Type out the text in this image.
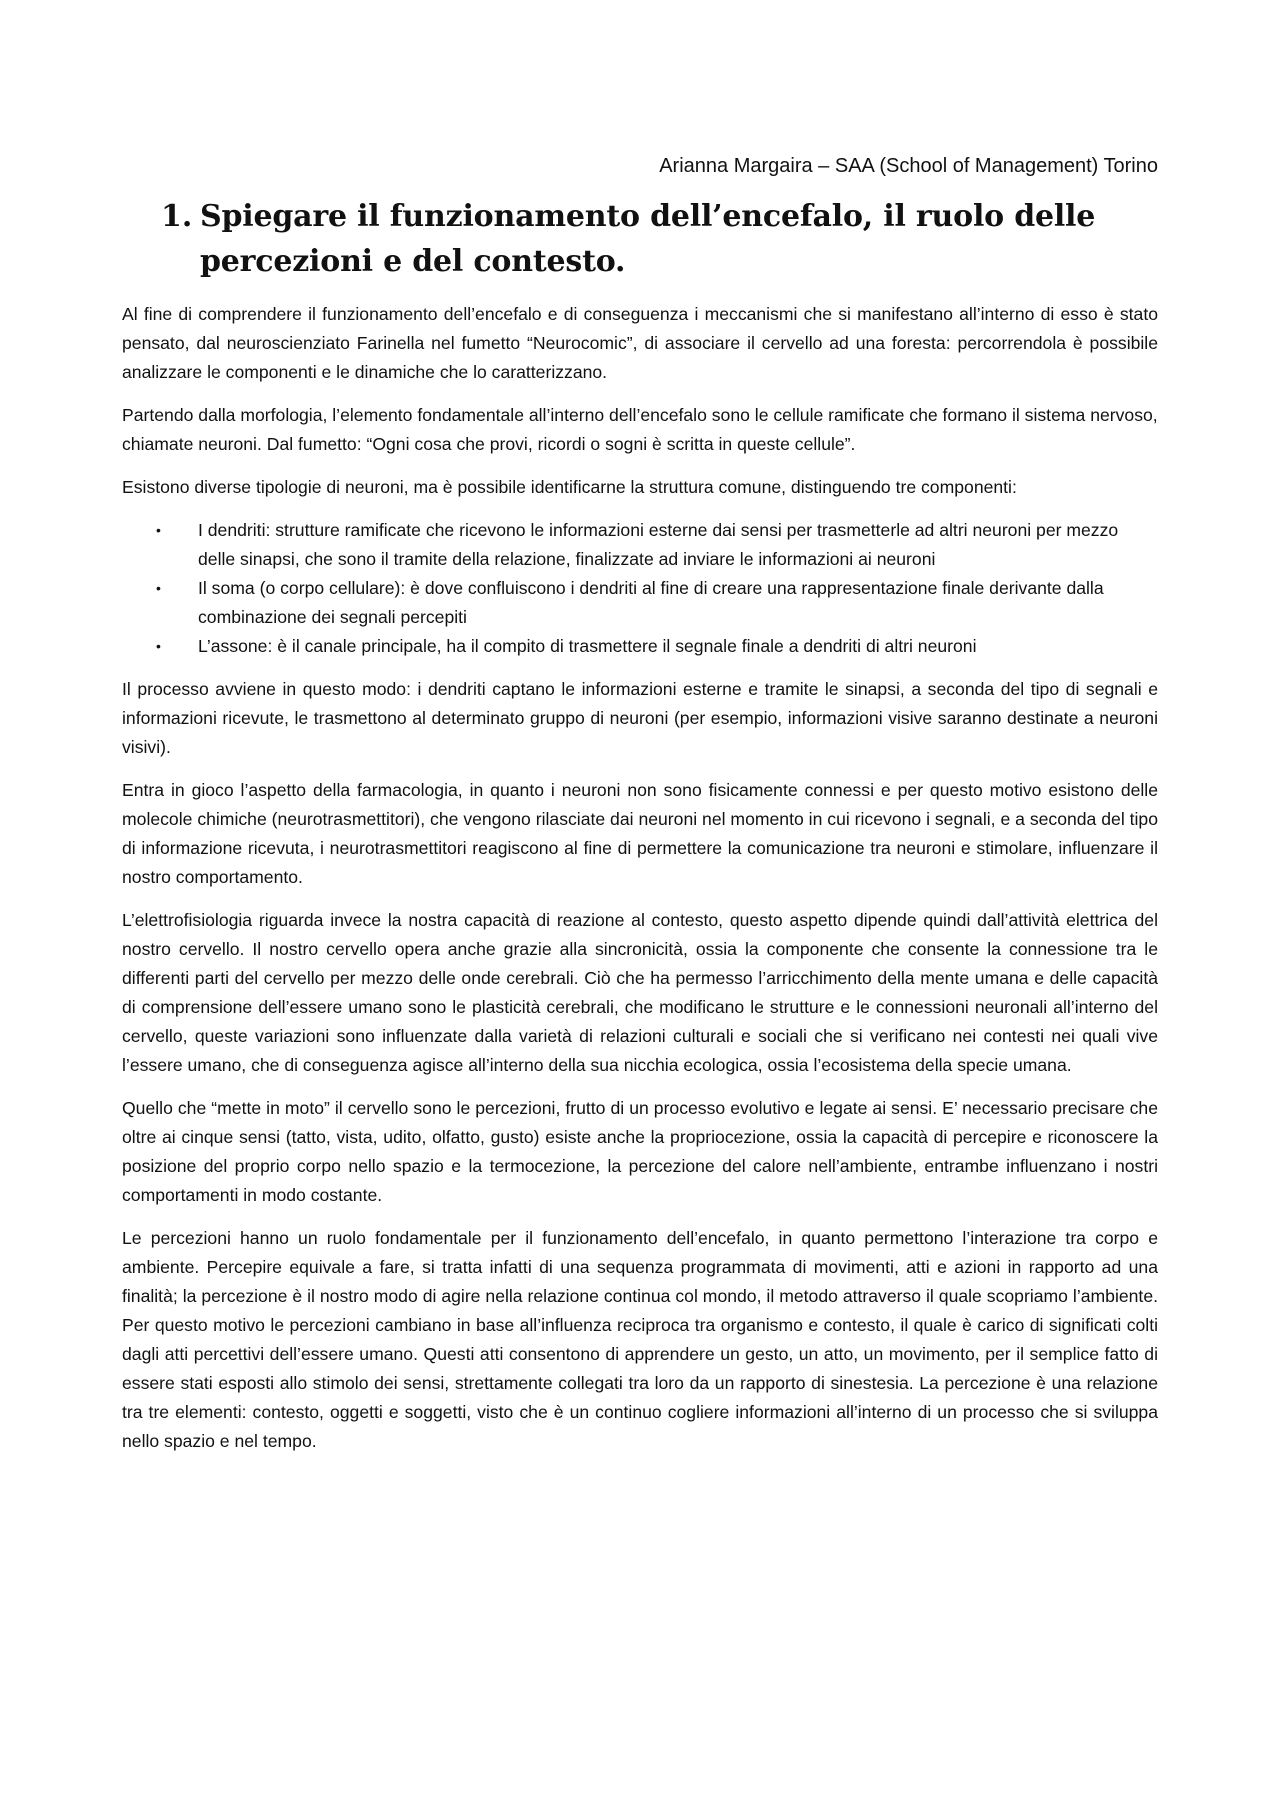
Arianna Margaira – SAA (School of Management) Torino
1. Spiegare il funzionamento dell’encefalo, il ruolo delle percezioni e del contesto.

Al fine di comprendere il funzionamento dell’encefalo e di conseguenza i meccanismi che si manifestano all’interno di esso è stato pensato, dal neuroscienziato Farinella nel fumetto “Neurocomic”, di associare il cervello ad una foresta: percorrendola è possibile analizzare le componenti e le dinamiche che lo caratterizzano.

Partendo dalla morfologia, l’elemento fondamentale all’interno dell’encefalo sono le cellule ramificate che formano il sistema nervoso, chiamate neuroni. Dal fumetto: “Ogni cosa che provi, ricordi o sogni è scritta in queste cellule”.

Esistono diverse tipologie di neuroni, ma è possibile identificarne la struttura comune, distinguendo tre componenti:

• I dendriti: strutture ramificate che ricevono le informazioni esterne dai sensi per trasmetterle ad altri neuroni per mezzo delle sinapsi, che sono il tramite della relazione, finalizzate ad inviare le informazioni ai neuroni
• Il soma (o corpo cellulare): è dove confluiscono i dendriti al fine di creare una rappresentazione finale derivante dalla combinazione dei segnali percepiti
• L’assone: è il canale principale, ha il compito di trasmettere il segnale finale a dendriti di altri neuroni

Il processo avviene in questo modo: i dendriti captano le informazioni esterne e tramite le sinapsi, a seconda del tipo di segnali e informazioni ricevute, le trasmettono al determinato gruppo di neuroni (per esempio, informazioni visive saranno destinate a neuroni visivi).

Entra in gioco l’aspetto della farmacologia, in quanto i neuroni non sono fisicamente connessi e per questo motivo esistono delle molecole chimiche (neurotrasmettitori), che vengono rilasciate dai neuroni nel momento in cui ricevono i segnali, e a seconda del tipo di informazione ricevuta, i neurotrasmettitori reagiscono al fine di permettere la comunicazione tra neuroni e stimolare, influenzare il nostro comportamento.

L’elettrofisiologia riguarda invece la nostra capacità di reazione al contesto, questo aspetto dipende quindi dall’attività elettrica del nostro cervello. Il nostro cervello opera anche grazie alla sincronicità, ossia la componente che consente la connessione tra le differenti parti del cervello per mezzo delle onde cerebrali. Ciò che ha permesso l’arricchimento della mente umana e delle capacità di comprensione dell’essere umano sono le plasticità cerebrali, che modificano le strutture e le connessioni neuronali all’interno del cervello, queste variazioni sono influenzate dalla varietà di relazioni culturali e sociali che si verificano nei contesti nei quali vive l’essere umano, che di conseguenza agisce all’interno della sua nicchia ecologica, ossia l’ecosistema della specie umana.

Quello che “mette in moto” il cervello sono le percezioni, frutto di un processo evolutivo e legate ai sensi. E’ necessario precisare che oltre ai cinque sensi (tatto, vista, udito, olfatto, gusto) esiste anche la propriocezione, ossia la capacità di percepire e riconoscere la posizione del proprio corpo nello spazio e la termocezione, la percezione del calore nell’ambiente, entrambe influenzano i nostri comportamenti in modo costante.

Le percezioni hanno un ruolo fondamentale per il funzionamento dell’encefalo, in quanto permettono l’interazione tra corpo e ambiente. Percepire equivale a fare, si tratta infatti di una sequenza programmata di movimenti, atti e azioni in rapporto ad una finalità; la percezione è il nostro modo di agire nella relazione continua col mondo, il metodo attraverso il quale scopriamo l’ambiente. Per questo motivo le percezioni cambiano in base all’influenza reciproca tra organismo e contesto, il quale è carico di significati colti dagli atti percettivi dell’essere umano. Questi atti consentono di apprendere un gesto, un atto, un movimento, per il semplice fatto di essere stati esposti allo stimolo dei sensi, strettamente collegati tra loro da un rapporto di sinestesia. La percezione è una relazione tra tre elementi: contesto, oggetti e soggetti, visto che è un continuo cogliere informazioni all’interno di un processo che si sviluppa nello spazio e nel tempo.
